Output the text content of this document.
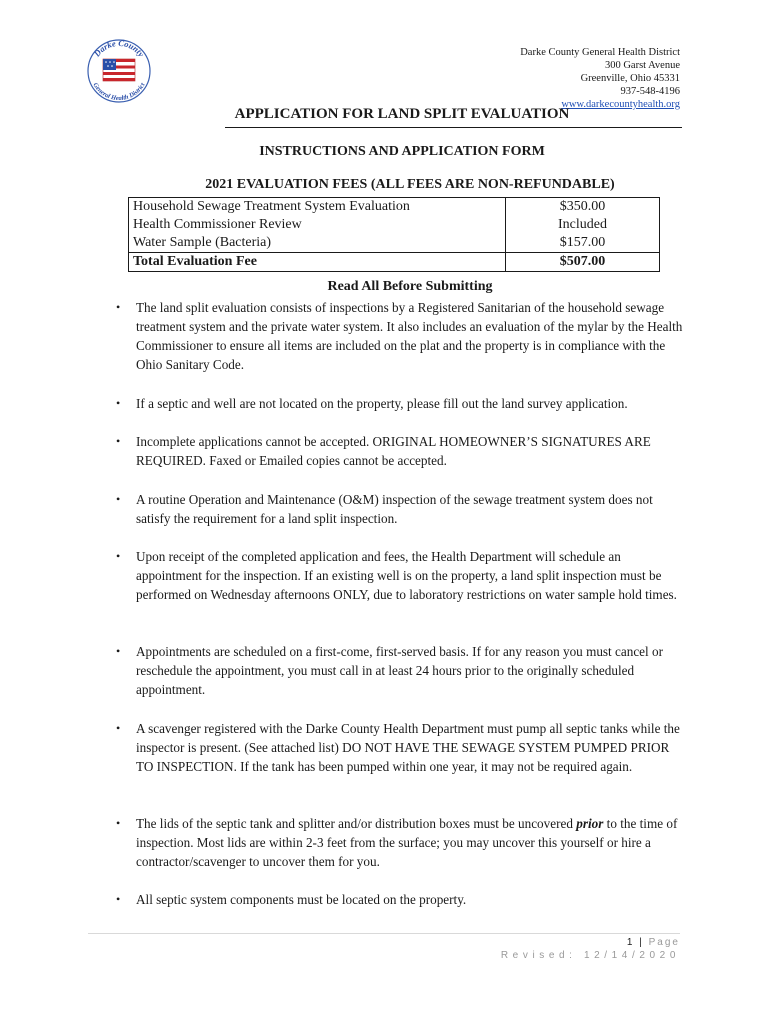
Darke County
General Health District
Darke County General Health District
300 Garst Avenue
Greenville, Ohio 45331
937-548-4196
www.darkecountyhealth.org
APPLICATION FOR LAND SPLIT EVALUATION
INSTRUCTIONS AND APPLICATION FORM
2021 EVALUATION FEES (ALL FEES ARE NON-REFUNDABLE)
Household Sewage Treatment System Evaluation	$350.00
Health Commissioner Review	Included
Water Sample (Bacteria)	$157.00
Total Evaluation Fee	$507.00
Read All Before Submitting
• The land split evaluation consists of inspections by a Registered Sanitarian of the household sewage treatment system and the private water system. It also includes an evaluation of the mylar by the Health Commissioner to ensure all items are included on the plat and the property is in compliance with the Ohio Sanitary Code.
• If a septic and well are not located on the property, please fill out the land survey application.
• Incomplete applications cannot be accepted. ORIGINAL HOMEOWNER’S SIGNATURES ARE REQUIRED. Faxed or Emailed copies cannot be accepted.
• A routine Operation and Maintenance (O&M) inspection of the sewage treatment system does not satisfy the requirement for a land split inspection.
• Upon receipt of the completed application and fees, the Health Department will schedule an appointment for the inspection. If an existing well is on the property, a land split inspection must be performed on Wednesday afternoons ONLY, due to laboratory restrictions on water sample hold times.
• Appointments are scheduled on a first-come, first-served basis. If for any reason you must cancel or reschedule the appointment, you must call in at least 24 hours prior to the originally scheduled appointment.
• A scavenger registered with the Darke County Health Department must pump all septic tanks while the inspector is present. (See attached list) DO NOT HAVE THE SEWAGE SYSTEM PUMPED PRIOR TO INSPECTION. If the tank has been pumped within one year, it may not be required again.
• The lids of the septic tank and splitter and/or distribution boxes must be uncovered prior to the time of inspection. Most lids are within 2-3 feet from the surface; you may uncover this yourself or hire a contractor/scavenger to uncover them for you.
• All septic system components must be located on the property.
1 | Page
Revised: 12/14/2020
